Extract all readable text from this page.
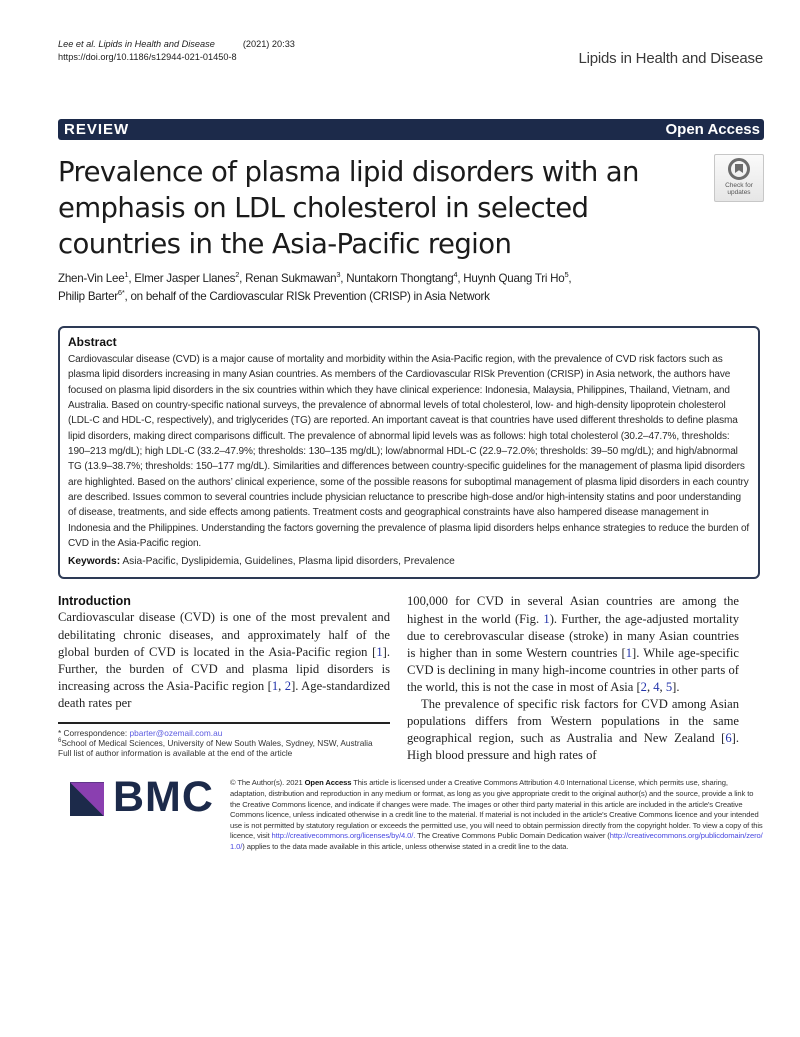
Lee et al. Lipids in Health and Disease	(2021) 20:33
https://doi.org/10.1186/s12944-021-01450-8	Lipids in Health and Disease
REVIEW	Open Access
Prevalence of plasma lipid disorders with an emphasis on LDL cholesterol in selected countries in the Asia-Pacific region
Check for
updates
Zhen-Vin Lee$^1$, Elmer Jasper Llanes$^2$, Renan Sukmawan$^3$, Nuntakorn Thongtang$^4$, Huynh Quang Tri Ho$^5$,
Philip Barter$^{6*}$, on behalf of the Cardiovascular RISk Prevention (CRISP) in Asia Network
Abstract
Cardiovascular disease (CVD) is a major cause of mortality and morbidity within the Asia-Pacific region, with the prevalence of CVD risk factors such as plasma lipid disorders increasing in many Asian countries. As members of the Cardiovascular RISk Prevention (CRISP) in Asia network, the authors have focused on plasma lipid disorders in the six countries within which they have clinical experience: Indonesia, Malaysia, Philippines, Thailand, Vietnam, and Australia. Based on country-specific national surveys, the prevalence of abnormal levels of total cholesterol, low- and high-density lipoprotein cholesterol (LDL-C and HDL-C, respectively), and triglycerides (TG) are reported. An important caveat is that countries have used different thresholds to define plasma lipid disorders, making direct comparisons difficult. The prevalence of abnormal lipid levels was as follows: high total cholesterol (30.2–47.7%, thresholds: 190–213 mg/dL); high LDL-C (33.2–47.9%; thresholds: 130–135 mg/dL); low/abnormal HDL-C (22.9–72.0%; thresholds: 39–50 mg/dL); and high/abnormal TG (13.9–38.7%; thresholds: 150–177 mg/dL). Similarities and differences between country-specific guidelines for the management of plasma lipid disorders are highlighted. Based on the authors’ clinical experience, some of the possible reasons for suboptimal management of plasma lipid disorders in each country are described. Issues common to several countries include physician reluctance to prescribe high-dose and/or high-intensity statins and poor understanding of disease, treatments, and side effects among patients. Treatment costs and geographical constraints have also hampered disease management in Indonesia and the Philippines. Understanding the factors governing the prevalence of plasma lipid disorders helps enhance strategies to reduce the burden of CVD in the Asia-Pacific region.
Keywords: Asia-Pacific, Dyslipidemia, Guidelines, Plasma lipid disorders, Prevalence
Introduction

Cardiovascular disease (CVD) is one of the most prevalent and debilitating chronic diseases, and approximately half of the global burden of CVD is located in the Asia-Pacific region [1]. Further, the burden of CVD and plasma lipid disorders is increasing across the Asia-Pacific region [1, 2]. Age-standardized death rates per

* Correspondence: pbarter@ozemail.com.au
$^6$School of Medical Sciences, University of New South Wales, Sydney, NSW, Australia
Full list of author information is available at the end of the article

100,000 for CVD in several Asian countries are among the highest in the world (Fig. 1). Further, the age-adjusted mortality due to cerebrovascular disease (stroke) in many Asian countries is higher than in some Western countries [1]. While age-specific CVD is declining in many high-income countries in other parts of the world, this is not the case in most of Asia [2, 4, 5].

The prevalence of specific risk factors for CVD among Asian populations differs from Western populations in the same geographical region, such as Australia and New Zealand [6]. High blood pressure and high rates of

BMC © The Author(s). 2021 Open Access This article is licensed under a Creative Commons Attribution 4.0 International License, which permits use, sharing, adaptation, distribution and reproduction in any medium or format, as long as you give appropriate credit to the original author(s) and the source, provide a link to the Creative Commons licence, and indicate if changes were made. The images or other third party material in this article are included in the article's Creative Commons licence, unless indicated otherwise in a credit line to the material. If material is not included in the article's Creative Commons licence and your intended use is not permitted by statutory regulation or exceeds the permitted use, you will need to obtain permission directly from the copyright holder. To view a copy of this licence, visit http://creativecommons.org/licenses/by/4.0/. The Creative Commons Public Domain Dedication waiver (http://creativecommons.org/publicdomain/zero/1.0/) applies to the data made available in this article, unless otherwise stated in a credit line to the data.
